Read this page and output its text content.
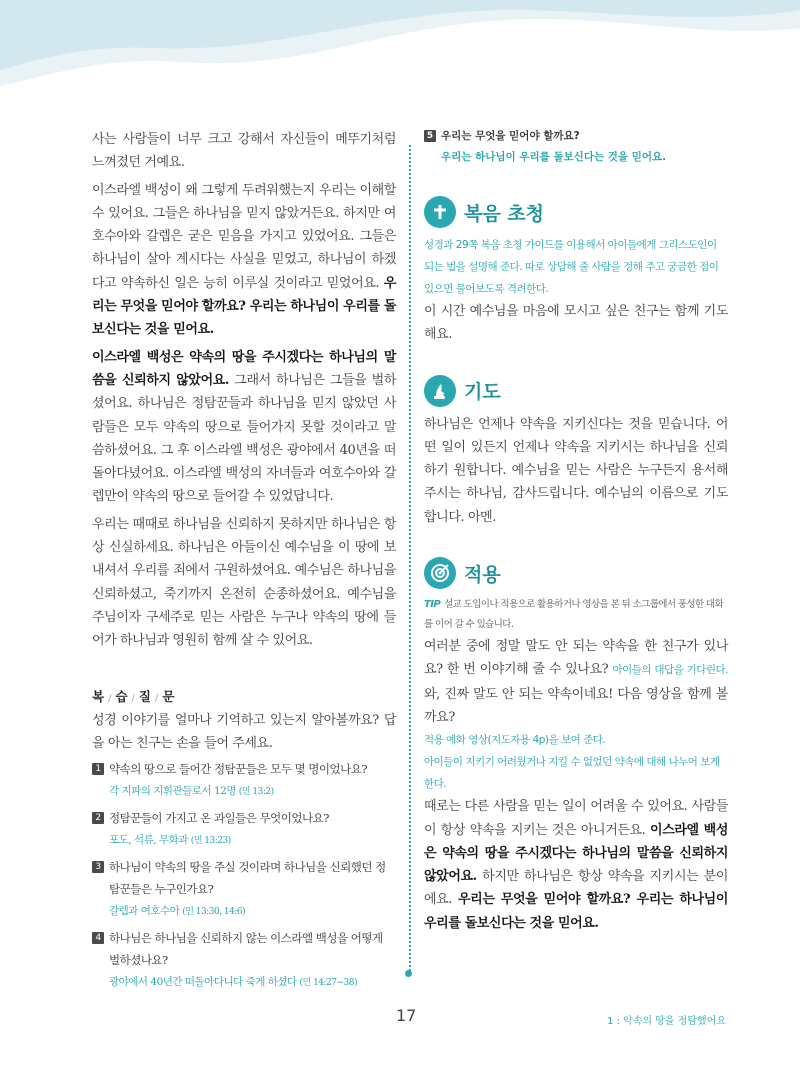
사는 사람들이 너무 크고 강해서 자신들이 메뚜기처럼 느껴졌던 거예요.

이스라엘 백성이 왜 그렇게 두려워했는지 우리는 이해할 수 있어요. 그들은 하나님을 믿지 않았거든요. 하지만 여호수아와 갈렙은 굳은 믿음을 가지고 있었어요. 그들은 하나님이 살아 계시다는 사실을 믿었고, 하나님이 하겠다고 약속하신 일은 능히 이루실 것이라고 믿었어요. 우리는 무엇을 믿어야 할까요? 우리는 하나님이 우리를 돌보신다는 것을 믿어요.

이스라엘 백성은 약속의 땅을 주시겠다는 하나님의 말씀을 신뢰하지 않았어요. 그래서 하나님은 그들을 벌하셨어요. 하나님은 정탐꾼들과 하나님을 믿지 않았던 사람들은 모두 약속의 땅으로 들어가지 못할 것이라고 말씀하셨어요. 그 후 이스라엘 백성은 광야에서 40년을 떠돌아다녔어요. 이스라엘 백성의 자녀들과 여호수아와 갈렙만이 약속의 땅으로 들어갈 수 있었답니다.

우리는 때때로 하나님을 신뢰하지 못하지만 하나님은 항상 신실하세요. 하나님은 아들이신 예수님을 이 땅에 보내셔서 우리를 죄에서 구원하셨어요. 예수님은 하나님을 신뢰하셨고, 죽기까지 온전히 순종하셨어요. 예수님을 주님이자 구세주로 믿는 사람은 누구나 약속의 땅에 들어가 하나님과 영원히 함께 살 수 있어요.

복 / 습 / 질 / 문

성경 이야기를 얼마나 기억하고 있는지 알아볼까요? 답을 아는 친구는 손을 들어 주세요.

1 약속의 땅으로 들어간 정탐꾼들은 모두 몇 명이었나요?
각 지파의 지휘관들로서 12명 (민 13:2)
2 정탐꾼들이 가지고 온 과일들은 무엇이었나요?
포도, 석류, 무화과 (민 13:23)
3 하나님이 약속의 땅을 주실 것이라며 하나님을 신뢰했던 정탐꾼들은 누구인가요?
갈렙과 여호수아 (민 13:30, 14:6)
4 하나님은 하나님을 신뢰하지 않는 이스라엘 백성을 어떻게 벌하셨나요?
광야에서 40년간 떠돌아다니다 죽게 하셨다 (민 14:27~38)
5 우리는 무엇을 믿어야 할까요?
우리는 하나님이 우리를 돌보신다는 것을 믿어요.
복음 초청

성경과 29쪽 복음 초청 가이드를 이용해서 아이들에게 그리스도인이 되는 법을 설명해 준다. 따로 상담해 줄 사람을 정해 주고 궁금한 점이 있으면 물어보도록 격려한다.

이 시간 예수님을 마음에 모시고 싶은 친구는 함께 기도해요.

기도

하나님은 언제나 약속을 지키신다는 것을 믿습니다. 어떤 일이 있든지 언제나 약속을 지키시는 하나님을 신뢰하기 원합니다. 예수님을 믿는 사람은 누구든지 용서해 주시는 하나님, 감사드립니다. 예수님의 이름으로 기도합니다. 아멘.

적용

TIP 설교 도입이나 적용으로 활용하거나 영상을 본 뒤 소그룹에서 풍성한 대화를 이어 갈 수 있습니다.

여러분 중에 정말 말도 안 되는 약속을 한 친구가 있나요? 한 번 이야기해 줄 수 있나요? 아이들의 대답을 기다린다. 와, 진짜 말도 안 되는 약속이네요! 다음 영상을 함께 볼까요?

적용 예화 영상(지도자용 4p)을 보여 준다.

아이들이 지키기 어려웠거나 지킬 수 없었던 약속에 대해 나누어 보게 한다.

때로는 다른 사람을 믿는 일이 어려울 수 있어요. 사람들이 항상 약속을 지키는 것은 아니거든요. 이스라엘 백성은 약속의 땅을 주시겠다는 하나님의 말씀을 신뢰하지 않았어요. 하지만 하나님은 항상 약속을 지키시는 분이에요. 우리는 무엇을 믿어야 할까요? 우리는 하나님이 우리를 돌보신다는 것을 믿어요.

17	1 : 약속의 땅을 정탐했어요
